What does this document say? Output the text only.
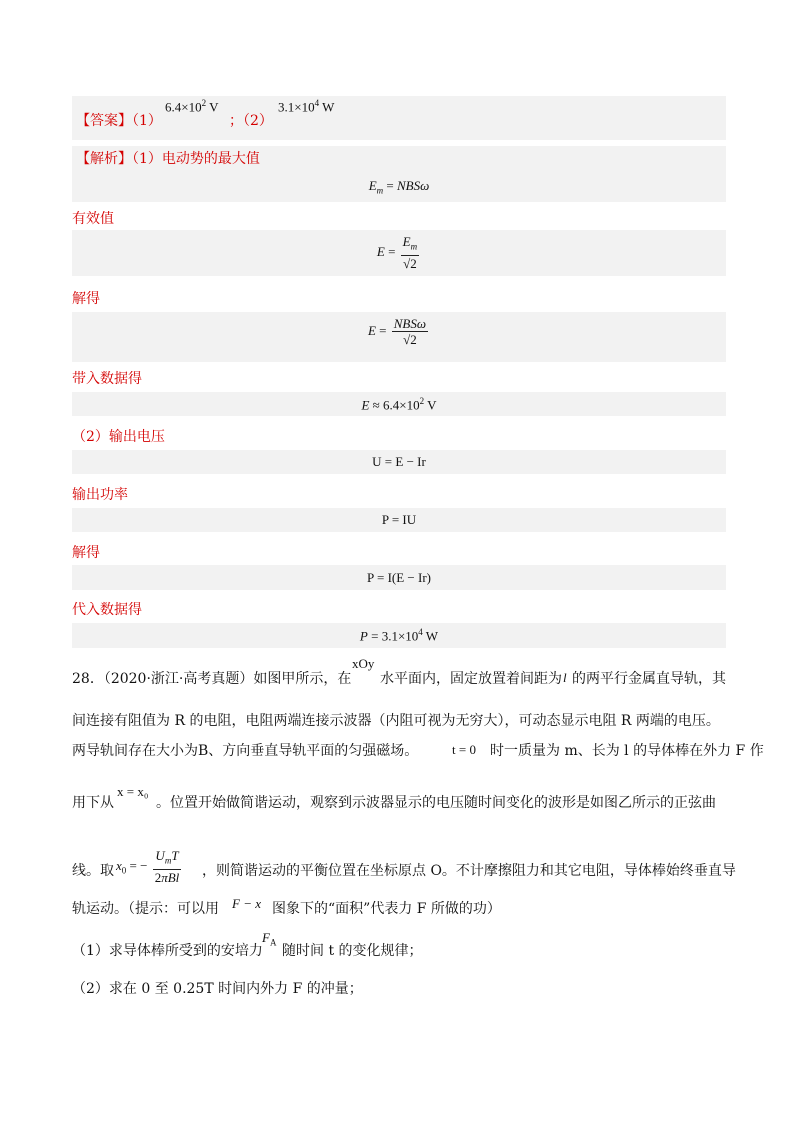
【答案】（1）
$6.4\times 10^2$ V
；（2）
$3.1\times 10^4$ W
【解析】（1）电动势的最大值
$E_m = NBS\omega$
有效值
$E = \frac{E_m}{√2}$
解得
$E = \frac{\text{NBSω}}{√2}$
带入数据得
$E \approx 6.4\times 10^2$ V
（2）输出电压
U = E − Ir
输出功率
P = IU
解得
P = I(E − Ir)
代入数据得
$P = 3.1\times 10^4$ W
28．（2020·浙江·高考真题）如图甲所示，在
xOy
水平面内，固定放置着间距为 l 的两平行金属直导轨，其
间连接有阻值为 R 的电阻，电阻两端连接示波器（内阻可视为无穷大），可动态显示电阻 R 两端的电压。
两导轨间存在大小为B、方向垂直导轨平面的匀强磁场。	t = 0 时一质量为 m、长为 l 的导体棒在外力 F 作
用下从
x = x₀
。位置开始做简谐运动，观察到示波器显示的电压随时间变化的波形是如图乙所示的正弦曲
线。取 $x_0$ = − $\frac{U_mT}{\text{2πBl}}$ ，则简谐运动的平衡位置在坐标原点 O。不计摩擦阻力和其它电阻，导体棒始终垂直导
轨运动。（提示：可以用 F − x 图象下的“面积”代表力 F 所做的功）
（1）求导体棒所受到的安培力
$F_A$
随时间 t 的变化规律；
（2）求在 0 至 0.25T 时间内外力 F 的冲量；
